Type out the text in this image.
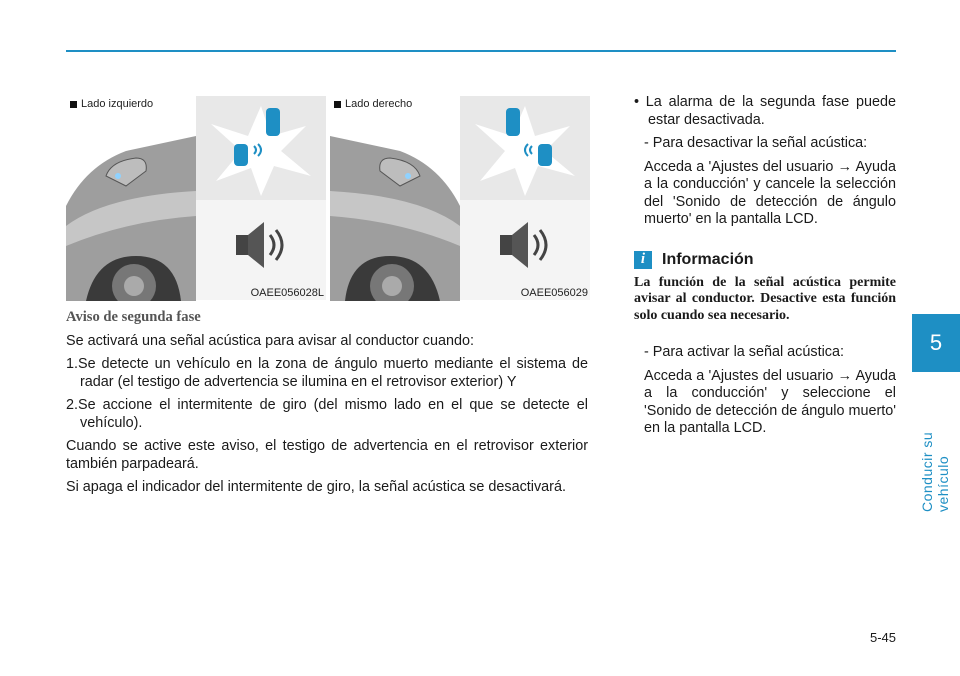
Lado izquierdo
OAEE056028L
Lado derecho
OAEE056029

Aviso de segunda fase

Se activará una señal acústica para avisar al conductor cuando:

1.Se detecte un vehículo en la zona de ángulo muerto mediante el sistema de radar (el testigo de advertencia se ilumina en el retrovisor exterior) Y

2.Se accione el intermitente de giro (del mismo lado en el que se detecte el vehículo).

Cuando se active este aviso, el testigo de advertencia en el retrovisor exterior también parpadeará.

Si apaga el indicador del intermitente de giro, la señal acústica se desactivará.

• La alarma de la segunda fase puede estar desactivada.

- Para desactivar la señal acústica:

Acceda a 'Ajustes del usuario → Ayuda a la conducción' y cancele la selección del 'Sonido de detección de ángulo muerto' en la pantalla LCD.

i	Información

La función de la señal acústica permite avisar al conductor. Desactive esta función solo cuando sea necesario.

- Para activar la señal acústica:

Acceda a 'Ajustes del usuario → Ayuda a la conducción' y seleccione el 'Sonido de detección de ángulo muerto' en la pantalla LCD.

5
Conducir su vehículo
5-45
